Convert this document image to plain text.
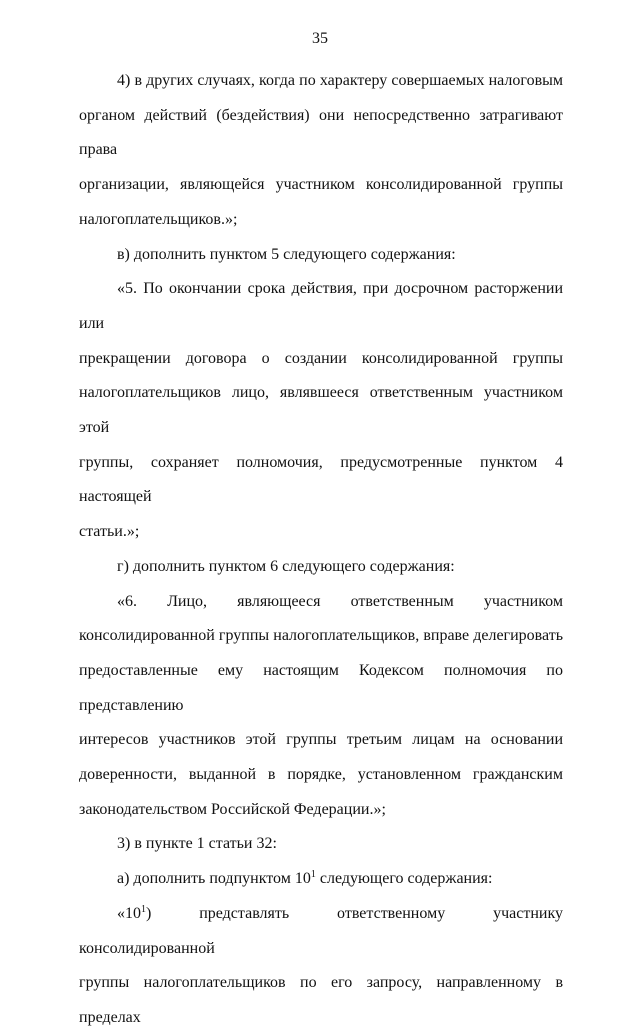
35

4) в других случаях, когда по характеру совершаемых налоговым
органом действий (бездействия) они непосредственно затрагивают права
организации, являющейся участником консолидированной группы
налогоплательщиков.»;

в) дополнить пунктом 5 следующего содержания:

«5. По окончании срока действия, при досрочном расторжении или
прекращении договора о создании консолидированной группы
налогоплательщиков лицо, являвшееся ответственным участником этой
группы, сохраняет полномочия, предусмотренные пунктом 4 настоящей
статьи.»;

г) дополнить пунктом 6 следующего содержания:

«6. Лицо, являющееся ответственным участником
консолидированной группы налогоплательщиков, вправе делегировать
предоставленные ему настоящим Кодексом полномочия по представлению
интересов участников этой группы третьим лицам на основании
доверенности, выданной в порядке, установленном гражданским
законодательством Российской Федерации.»;

3) в пункте 1 статьи 32:

а) дополнить подпунктом $10^1$ следующего содержания:

«$10^1$) представлять ответственному участнику консолидированной
группы налогоплательщиков по его запросу, направленному в пределах
